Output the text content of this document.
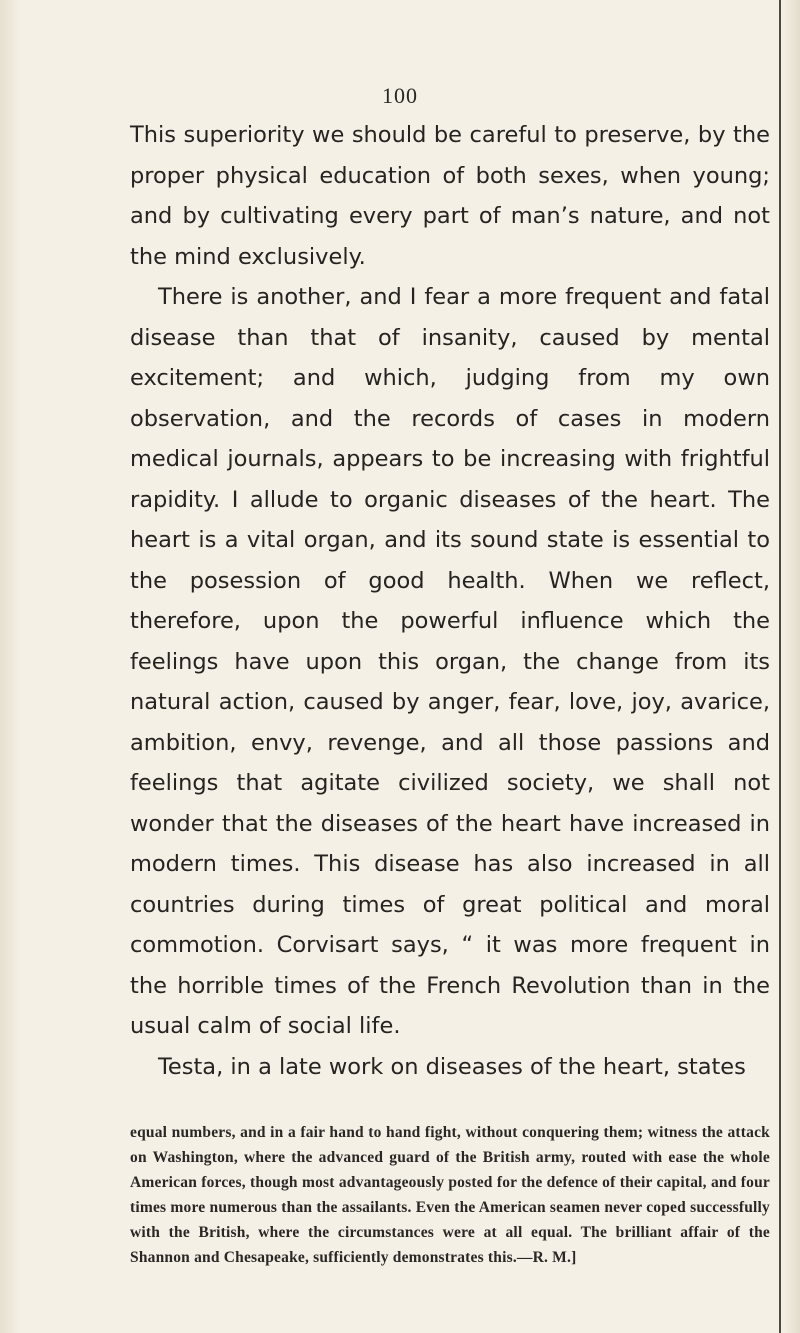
100

This superiority we should be careful to preserve, by the proper physical education of both sexes, when young; and by cultivating every part of man’s nature, and not the mind exclusively.

There is another, and I fear a more frequent and fatal disease than that of insanity, caused by mental excitement; and which, judging from my own observation, and the records of cases in modern medical journals, appears to be increasing with frightful rapidity. I allude to organic diseases of the heart. The heart is a vital organ, and its sound state is essential to the posession of good health. When we reflect, therefore, upon the powerful influence which the feelings have upon this organ, the change from its natural action, caused by anger, fear, love, joy, avarice, ambition, envy, revenge, and all those passions and feelings that agitate civilized society, we shall not wonder that the diseases of the heart have increased in modern times. This disease has also increased in all countries during times of great political and moral commotion. Corvisart says, “ it was more frequent in the horrible times of the French Revolution than in the usual calm of social life.

Testa, in a late work on diseases of the heart, states

equal numbers, and in a fair hand to hand fight, without conquering them; witness the attack on Washington, where the advanced guard of the British army, routed with ease the whole American forces, though most advantageously posted for the defence of their capital, and four times more numerous than the assailants. Even the American seamen never coped successfully with the British, where the circumstances were at all equal. The brilliant affair of the Shannon and Chesapeake, sufficiently demonstrates this.—R. M.]
